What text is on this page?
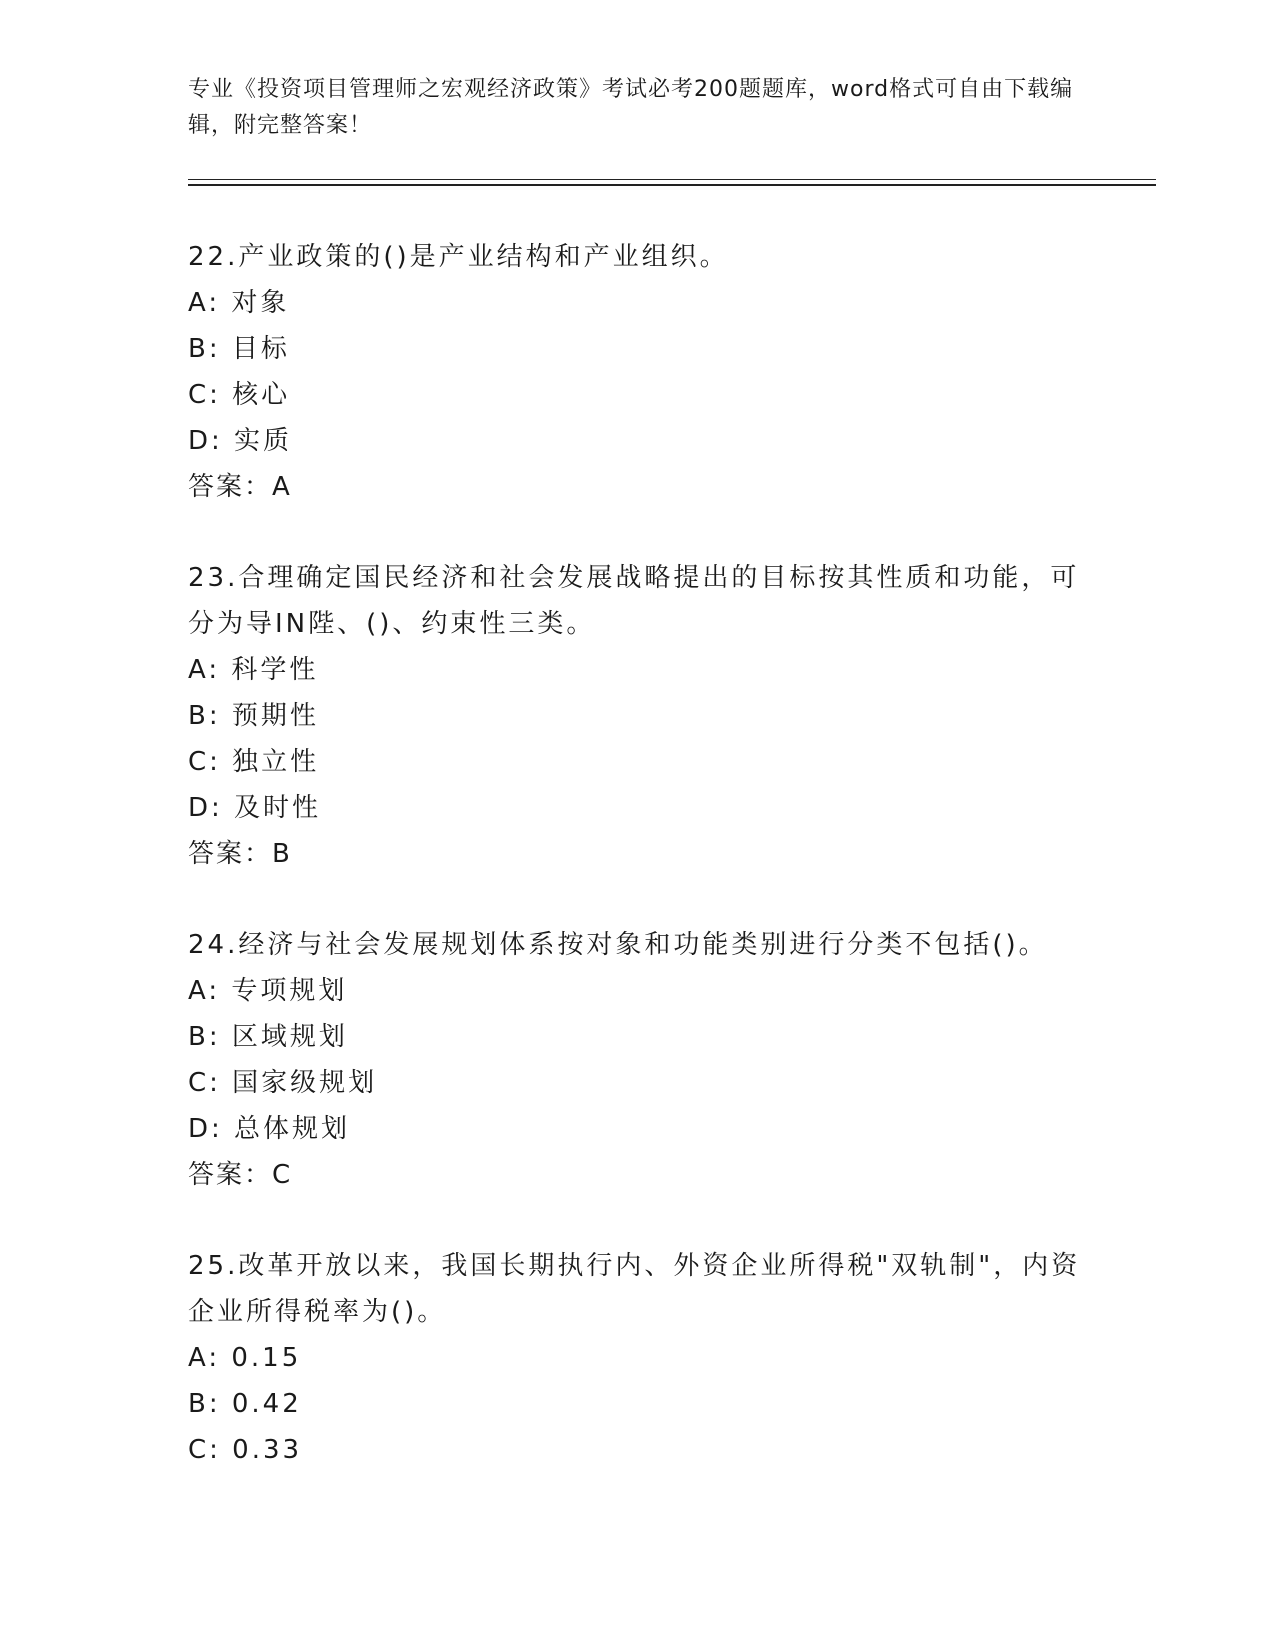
专业《投资项目管理师之宏观经济政策》考试必考200题题库，word格式可自由下载编辑，附完整答案！

22.产业政策的()是产业结构和产业组织。

A: 对象

B: 目标

C: 核心

D: 实质

答案：A

23.合理确定国民经济和社会发展战略提出的目标按其性质和功能，可分为导IN陛、()、约束性三类。

A: 科学性

B: 预期性

C: 独立性

D: 及时性

答案：B

24.经济与社会发展规划体系按对象和功能类别进行分类不包括()。

A: 专项规划

B: 区域规划

C: 国家级规划

D: 总体规划

答案：C

25.改革开放以来，我国长期执行内、外资企业所得税"双轨制"，内资企业所得税率为()。

A: 0.15

B: 0.42

C: 0.33
